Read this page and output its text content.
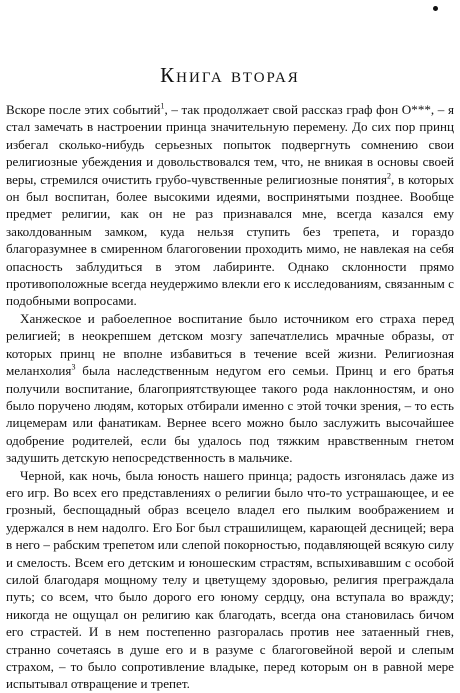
Книга вторая

Вскоре после этих событий$^1$, – так продолжает свой рассказ граф фон O***, – я стал замечать в настроении принца значительную перемену. До сих пор принц избегал сколько-нибудь серьезных попыток подвергнуть сомнению свои религиозные убеждения и довольствовался тем, что, не вникая в основы своей веры, стремился очистить грубо-чувственные религиозные понятия$^2$, в которых он был воспитан, более высокими идеями, воспринятыми позднее. Вообще предмет религии, как он не раз признавался мне, всегда казался ему заколдованным замком, куда нельзя ступить без трепета, и гораздо благоразумнее в смиренном благоговении проходить мимо, не навлекая на себя опасность заблудиться в этом лабиринте. Однако склонности прямо противоположные всегда неудержимо влекли его к исследованиям, связанным с подобными вопросами.

Ханжеское и рабоелепное воспитание было источником его страха перед религией; в неокрепшем детском мозгу запечатлелись мрачные образы, от которых принц не вполне избавиться в течение всей жизни. Религиозная меланхолия$^3$ была наследственным недугом его семьи. Принц и его братья получили воспитание, благоприятствующее такого рода наклонностям, и оно было поручено людям, которых отбирали именно с этой точки зрения, – то есть лицемерам или фанатикам. Вернее всего можно было заслужить высочайшее одобрение родителей, если бы удалось под тяжким нравственным гнетом задушить детскую непосредственность в мальчике.

Черной, как ночь, была юность нашего принца; радость изгонялась даже из его игр. Во всех его представлениях о религии было что-то устрашающее, и ее грозный, беспощадный образ всецело владел его пылким воображением и удержался в нем надолго. Его Бог был страшилищем, карающей десницей; вера в него – рабским трепетом или слепой покорностью, подавляющей всякую силу и смелость. Всем его детским и юношеским страстям, вспыхивавшим с особой силой благодаря мощному телу и цветущему здоровью, религия преграждала путь; со всем, что было дорого его юному сердцу, она вступала во вражду; никогда не ощущал он религию как благодать, всегда она становилась бичом его страстей. И в нем постепенно разгоралась против нее затаенный гнев, странно сочетаясь в душе его и в разуме с благоговейной верой и слепым страхом, – то было сопротивление владыке, перед которым он в равной мере испытывал отвращение и трепет.
